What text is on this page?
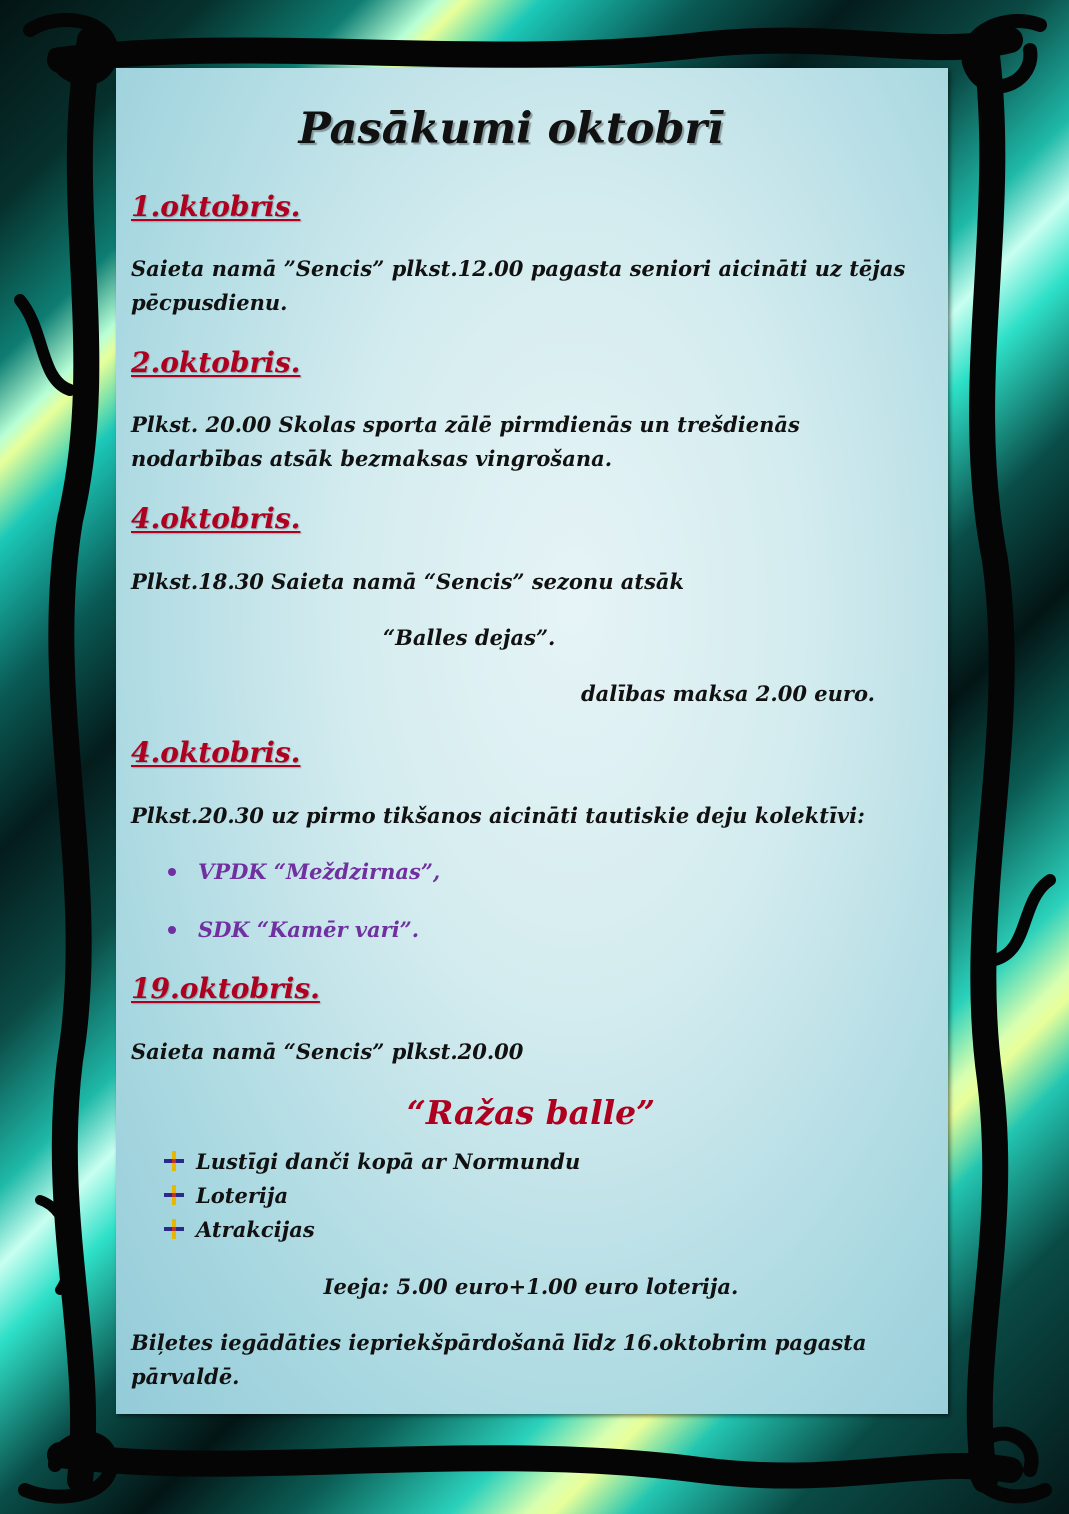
Pasākumi oktobrī
1.oktobris.
Saieta namā ”Sencis” plkst.12.00 pagasta seniori aicināti uz tējas pēcpusdienu.
2.oktobris.
Plkst. 20.00 Skolas sporta zālē pirmdienās un trešdienās nodarbības atsāk bezmaksas vingrošana.
4.oktobris.
Plkst.18.30 Saieta namā “Sencis” sezonu atsāk
“Balles dejas”.
dalības maksa 2.00 euro.
4.oktobris.
Plkst.20.30 uz pirmo tikšanos aicināti tautiskie deju kolektīvi:
VPDK “Meždzirnas”,
SDK “Kamēr vari”.
19.oktobris.
Saieta namā “Sencis” plkst.20.00
“Ražas balle”
Lustīgi danči kopā ar Normundu
Loterija
Atrakcijas
Ieeja: 5.00 euro+1.00 euro loterija.
Biļetes iegādāties iepriekšpārdošanā līdz 16.oktobrim pagasta pārvaldē.
